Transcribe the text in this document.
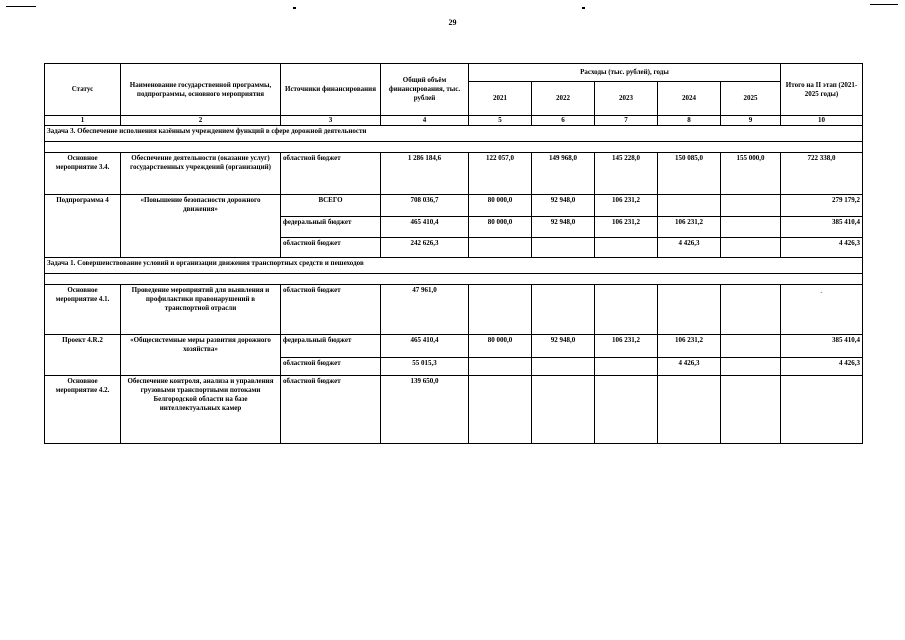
29
Статус	Наименование государственной программы, подпрограммы, основного мероприятия	Источники финансирования	Общий объём финансирования, тыс. рублей	Расходы (тыс. рублей), годы					Итого на II этап (2021-2025 годы)
				2021	2022	2023	2024	2025	
1	2	3	4	5	6	7	8	9	10
Задача 3. Обеспечение исполнения казённым учреждением функций в сфере дорожной деятельности									

Основное мероприятие 3.4.	Обеспечение деятельности (оказание услуг) государственных учреждений (организаций)	областной бюджет	1 286 184,6	122 057,0	149 968,0	145 228,0	150 085,0	155 000,0	722 338,0
Подпрограмма 4	«Повышение безопасности дорожного движения»	ВСЕГО	708 036,7	80 000,0	92 948,0	106 231,2			279 179,2
		федеральный бюджет	465 410,4	80 000,0	92 948,0	106 231,2	106 231,2		385 410,4
		областной бюджет	242 626,3				4 426,3		4 426,3
Задача 1. Совершенствование условий и организации движения транспортных средств и пешеходов									

Основное мероприятие 4.1.	Проведение мероприятий для выявления и профилактики правонарушений в транспортной отрасли	областной бюджет	47 961,0						-
Проект 4.R.2	«Общесистемные меры развития дорожного хозяйства»	федеральный бюджет	465 410,4	80 000,0	92 948,0	106 231,2	106 231,2		385 410,4
		областной бюджет	55 015,3				4 426,3		4 426,3
Основное мероприятие 4.2.	Обеспечение контроля, анализа и управления грузовыми транспортными потоками Белгородской области на базе интеллектуальных камер	областной бюджет	139 650,0						
